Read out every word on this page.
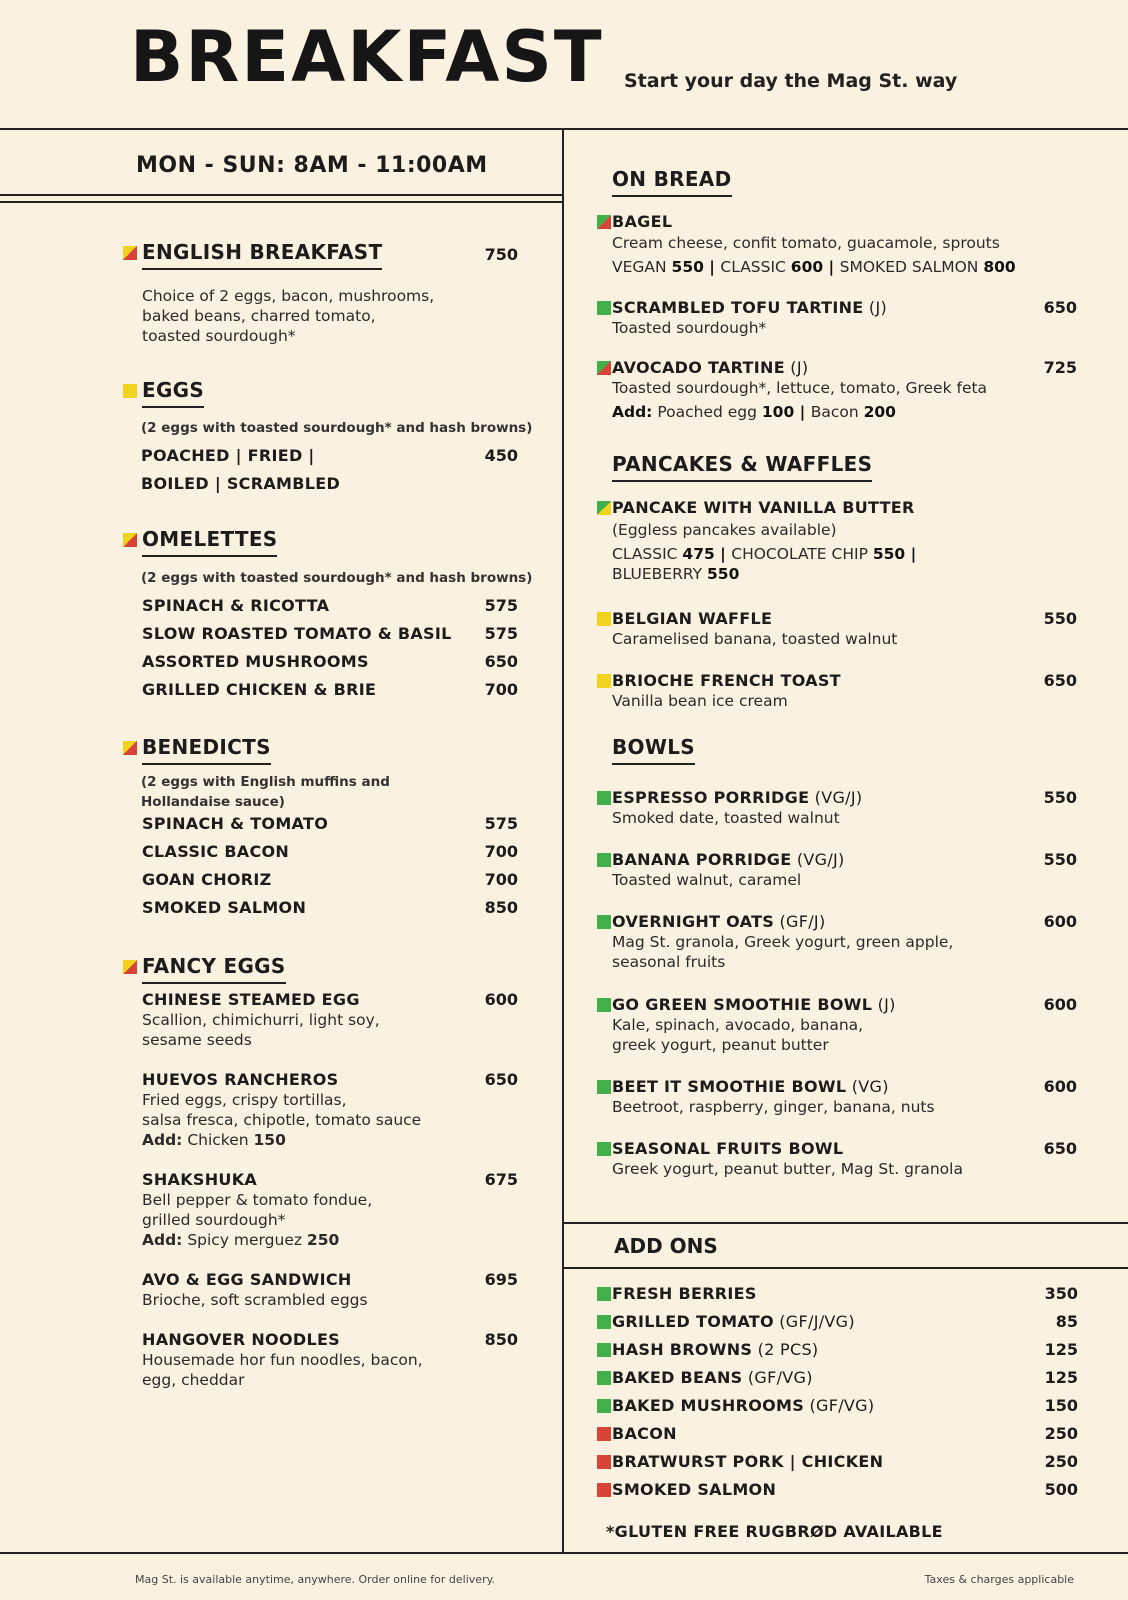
BREAKFAST Start your day the Mag St. way
MON - SUN: 8AM - 11:00AM
ENGLISH BREAKFAST	750
Choice of 2 eggs, bacon, mushrooms,
baked beans, charred tomato,
toasted sourdough*
EGGS
(2 eggs with toasted sourdough* and hash browns)
POACHED | FRIED |
BOILED | SCRAMBLED
450
OMELETTES
(2 eggs with toasted sourdough* and hash browns)
SPINACH & RICOTTA	575
SLOW ROASTED TOMATO & BASIL	575
ASSORTED MUSHROOMS	650
GRILLED CHICKEN & BRIE	700
BENEDICTS
(2 eggs with English muffins and
Hollandaise sauce)
SPINACH & TOMATO	575
CLASSIC BACON	700
GOAN CHORIZ	700
SMOKED SALMON	850
FANCY EGGS
CHINESE STEAMED EGG	600
Scallion, chimichurri, light soy,
sesame seeds
HUEVOS RANCHEROS	650
Fried eggs, crispy tortillas,
salsa fresca, chipotle, tomato sauce
Add: Chicken 150
SHAKSHUKA	675
Bell pepper & tomato fondue,
grilled sourdough*
Add: Spicy merguez 250
AVO & EGG SANDWICH	695
Brioche, soft scrambled eggs
HANGOVER NOODLES	850
Housemade hor fun noodles, bacon,
egg, cheddar
ON BREAD
BAGEL
Cream cheese, confit tomato, guacamole, sprouts
VEGAN 550 | CLASSIC 600 | SMOKED SALMON 800
SCRAMBLED TOFU TARTINE (J)	650
Toasted sourdough*
AVOCADO TARTINE (J)	725
Toasted sourdough*, lettuce, tomato, Greek feta
Add: Poached egg 100 | Bacon 200
PANCAKES & WAFFLES
PANCAKE WITH VANILLA BUTTER
(Eggless pancakes available)
CLASSIC 475 | CHOCOLATE CHIP 550 |
BLUEBERRY 550
BELGIAN WAFFLE	550
Caramelised banana, toasted walnut
BRIOCHE FRENCH TOAST	650
Vanilla bean ice cream
BOWLS
ESPRESSO PORRIDGE (VG/J)	550
Smoked date, toasted walnut
BANANA PORRIDGE (VG/J)	550
Toasted walnut, caramel
OVERNIGHT OATS (GF/J)	600
Mag St. granola, Greek yogurt, green apple,
seasonal fruits
GO GREEN SMOOTHIE BOWL (J)	600
Kale, spinach, avocado, banana,
greek yogurt, peanut butter
BEET IT SMOOTHIE BOWL (VG)	600
Beetroot, raspberry, ginger, banana, nuts
SEASONAL FRUITS BOWL	650
Greek yogurt, peanut butter, Mag St. granola
ADD ONS
FRESH BERRIES	350
GRILLED TOMATO (GF/J/VG)	85
HASH BROWNS (2 PCS)	125
BAKED BEANS (GF/VG)	125
BAKED MUSHROOMS (GF/VG)	150
BACON	250
BRATWURST PORK | CHICKEN	250
SMOKED SALMON	500
*GLUTEN FREE RUGBRØD AVAILABLE
Mag St. is available anytime, anywhere. Order online for delivery.	Taxes & charges applicable
